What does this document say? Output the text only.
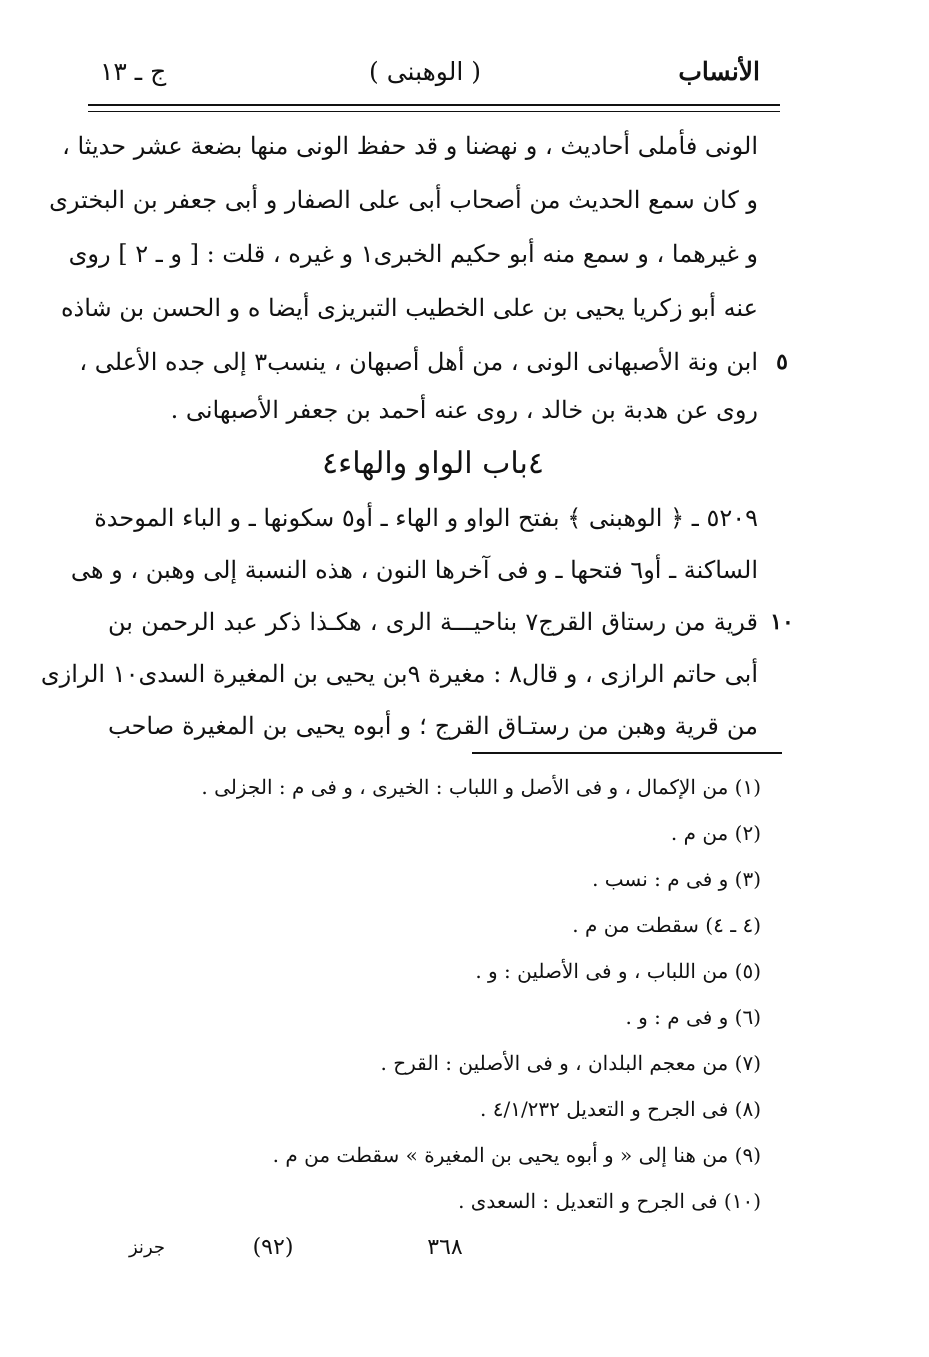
الأنساب
( الوهبنى )
ج ـ ١٣
الونى فأملى أحاديث ، و نهضنا و قد حفظ الونى منها بضعة عشر حديثا ،
و كان سمع الحديث من أصحاب أبى على الصفار و أبى جعفر بن البخترى
و غيرهما ، و سمع منه أبو حكيم الخبرى١ و غيره ، قلت : [ و ـ ٢ ] روى
عنه أبو زكريا يحيى بن على الخطيب التبريزى أيضا ه و الحسن بن شاذه
ابن ونة الأصبهانى الونى ، من أهل أصبهان ، ينسب٣ إلى جده الأعلى ، ٥
روى عن هدبة بن خالد ، روى عنه أحمد بن جعفر الأصبهانى .
٤باب الواو والهاء٤
٥٢٠٩ ـ ﴿ الوهبنى ﴾ بفتح الواو و الهاء ـ أو٥ سكونها ـ و الباء الموحدة
الساكنة ـ أو٦ فتحها ـ و فى آخرها النون ، هذه النسبة إلى وهبن ، و هى
قرية من رستاق القرج٧ بناحيـــة الرى ، هكـذا ذكر عبد الرحمن بن ١٠
أبى حاتم الرازى ، و قال٨ : مغيرة ٩بن يحيى بن المغيرة السدى١٠ الرازى
من قرية وهبن من رستـاق القرج ؛ و أبوه يحيى بن المغيرة صاحب
(١) من الإكمال ، و فى الأصل و اللباب : الخيرى ، و فى م : الجزلى .
(٢) من م .
(٣) و فى م : نسب .
(٤ ـ ٤) سقطت من م .
(٥) من اللباب ، و فى الأصلين : و .
(٦) و فى م : و .
(٧) من معجم البلدان ، و فى الأصلين : القرح .
(٨) فى الجرح و التعديل ٤/١/٢٣٢ .
(٩) من هنا إلى « و أبوه يحيى بن المغيرة » سقطت من م .
(١٠) فى الجرح و التعديل : السعدى .
٣٦٨
(٩٢)
جرنز
